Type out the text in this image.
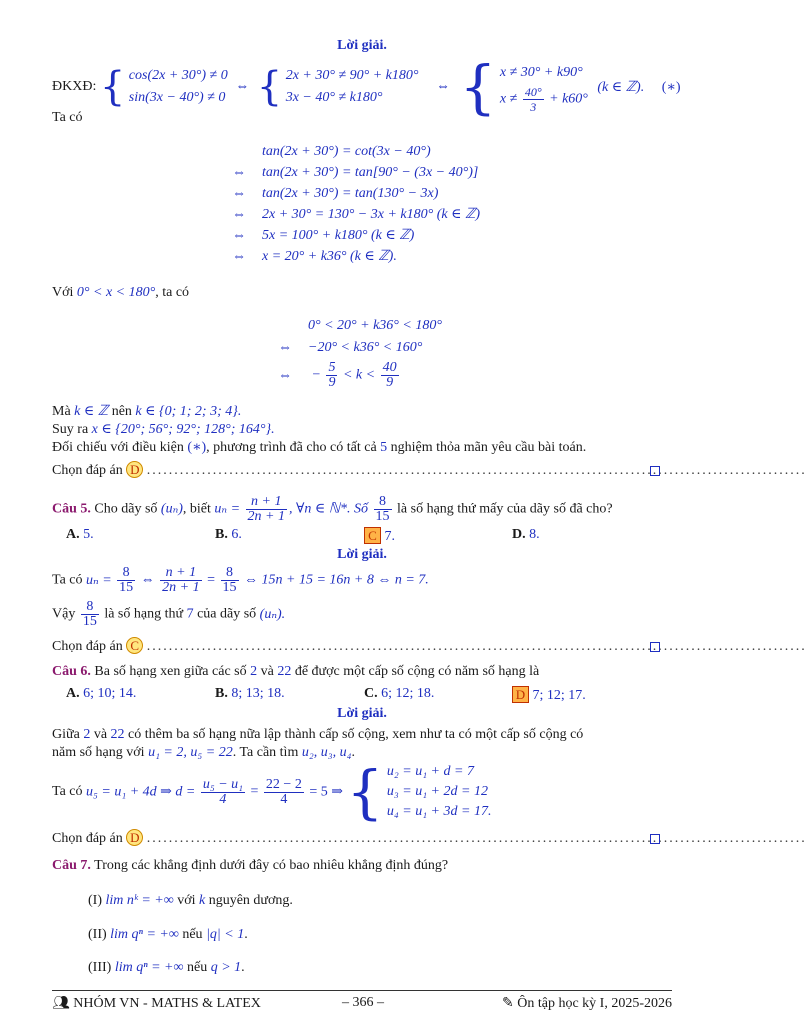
Lời giải.
ĐKXĐ: { cos(2x + 30°) ≠ 0
sin(3x − 40°) ≠ 0
⇔ { 2x + 30° ≠ 90° + k180°
3x − 40° ≠ k180°
⇔ { x ≠ 30° + k90°
$x \ne \frac{40^\circ}{3} + k60^\circ$
(k ∈ ℤ). (∗)
Ta có
tan(2x + 30°) = cot(3x − 40°)
⇔ tan(2x + 30°) = tan[90° − (3x − 40°)]
⇔ tan(2x + 30°) = tan(130° − 3x)
⇔ 2x + 30° = 130° − 3x + k180° (k ∈ ℤ)
⇔ 5x = 100° + k180° (k ∈ ℤ)
⇔ x = 20° + k36° (k ∈ ℤ).
Với 0° < x < 180°, ta có
0° < 20° + k36° < 180°
⇔ −20° < k36° < 160°
⇔ − $\frac{5}{9} < k < \frac{40}{9}$
Mà k ∈ ℤ nên k ∈ {0; 1; 2; 3; 4}.
Suy ra x ∈ {20°; 56°; 92°; 128°; 164°}.
Đối chiếu với điều kiện (∗), phương trình đã cho có tất cả 5 nghiệm thỏa mãn yêu cầu bài toán.
Chọn đáp án D ........................................................................................................................
Câu 5. Cho dãy số (uₙ), biết $u_n = \frac{n + 1}{2n + 1}$ , ∀n ∈ ℕ*. Số $\frac{8}{15}$ là số hạng thứ mấy của dãy số đã cho?
A. 5.	B. 6.	C 7.	D. 8.
Lời giải.
Ta có $u_n = \frac{8}{15}$ ⇔ $\frac{n + 1}{2n + 1} = \frac{8}{15}$ ⇔ 15n + 15 = 16n + 8 ⇔ n = 7.
Vậy $\frac{8}{15}$ là số hạng thứ 7 của dãy số (uₙ).
Chọn đáp án C ........................................................................................................................
Câu 6. Ba số hạng xen giữa các số 2 và 22 để được một cấp số cộng có năm số hạng là
A. 6; 10; 14.	B. 8; 13; 18.	C. 6; 12; 18.	D 7; 12; 17.
Lời giải.
Giữa 2 và 22 có thêm ba số hạng nữa lập thành cấp số cộng, xem như ta có một cấp số cộng có
năm số hạng với u₁ = 2, u₅ = 22. Ta cần tìm u₂, u₃, u₄.
Ta có u₅ = u₁ + 4d ⇒ $d = \frac{\text{u₅ − u₁}}{4} = \frac{22 - 2}{4} = 5$ ⇒ { u₂ = u₁ + d = 7
u₃ = u₁ + 2d = 12
u₄ = u₁ + 3d = 17.
Chọn đáp án D ........................................................................................................................
Câu 7. Trong các khẳng định dưới đây có bao nhiêu khẳng định đúng?
(I) lim nᵏ = +∞ với k nguyên dương.
(II) lim qⁿ = +∞ nếu |q| < 1.
(III) lim qⁿ = +∞ nếu q > 1.
👥︎ NHÓM VN - MATHS & LATEX	– 366 –	✎ Ôn tập học kỳ I, 2025-2026
